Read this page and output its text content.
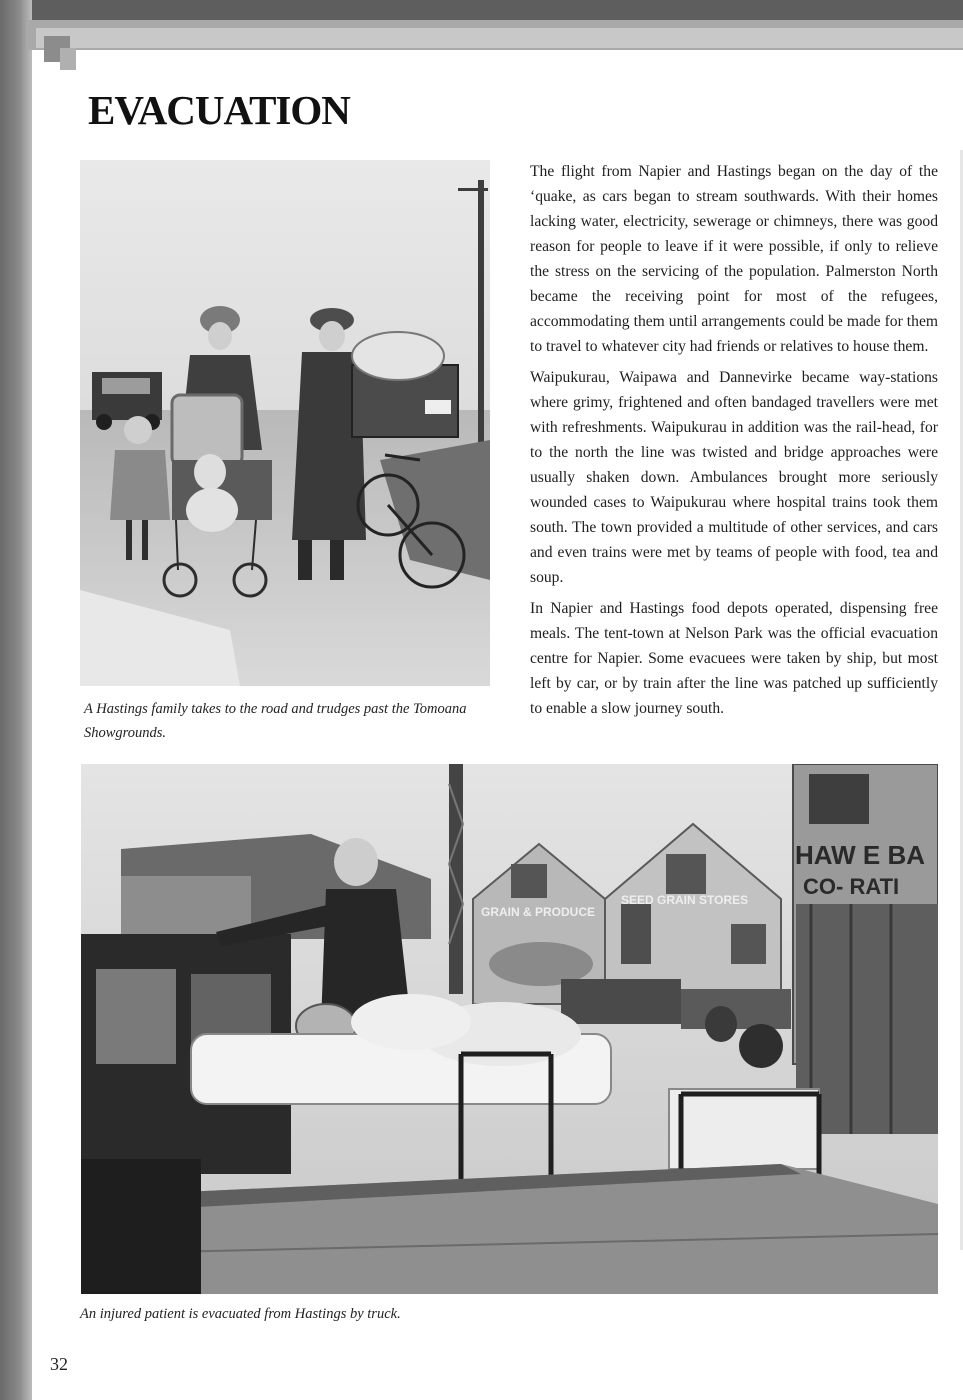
EVACUATION

A Hastings family takes to the road and trudges past the Tomoana Showgrounds.

The flight from Napier and Hastings began on the day of the ‘quake, as cars began to stream southwards. With their homes lacking water, electricity, sewerage or chimneys, there was good reason for people to leave if it were possible, if only to relieve the stress on the servicing of the population. Palmerston North became the receiving point for most of the refugees, accommodating them until arrangements could be made for them to travel to whatever city had friends or relatives to house them.

Waipukurau, Waipawa and Dannevirke became way-stations where grimy, frightened and often bandaged travellers were met with refreshments. Waipukurau in addition was the rail-head, for to the north the line was twisted and bridge approaches were usually shaken down. Ambulances brought more seriously wounded cases to Waipukurau where hospital trains took them south. The town provided a multitude of other services, and cars and even trains were met by teams of people with food, tea and soup.

In Napier and Hastings food depots operated, dispensing free meals. The tent-town at Nelson Park was the official evacuation centre for Napier. Some evacuees were taken by ship, but most left by car, or by train after the line was patched up sufficiently to enable a slow journey south.

GRAIN & PRODUCE
SEED GRAIN STORES
HAW E BA
CO- RATI

An injured patient is evacuated from Hastings by truck.

32
